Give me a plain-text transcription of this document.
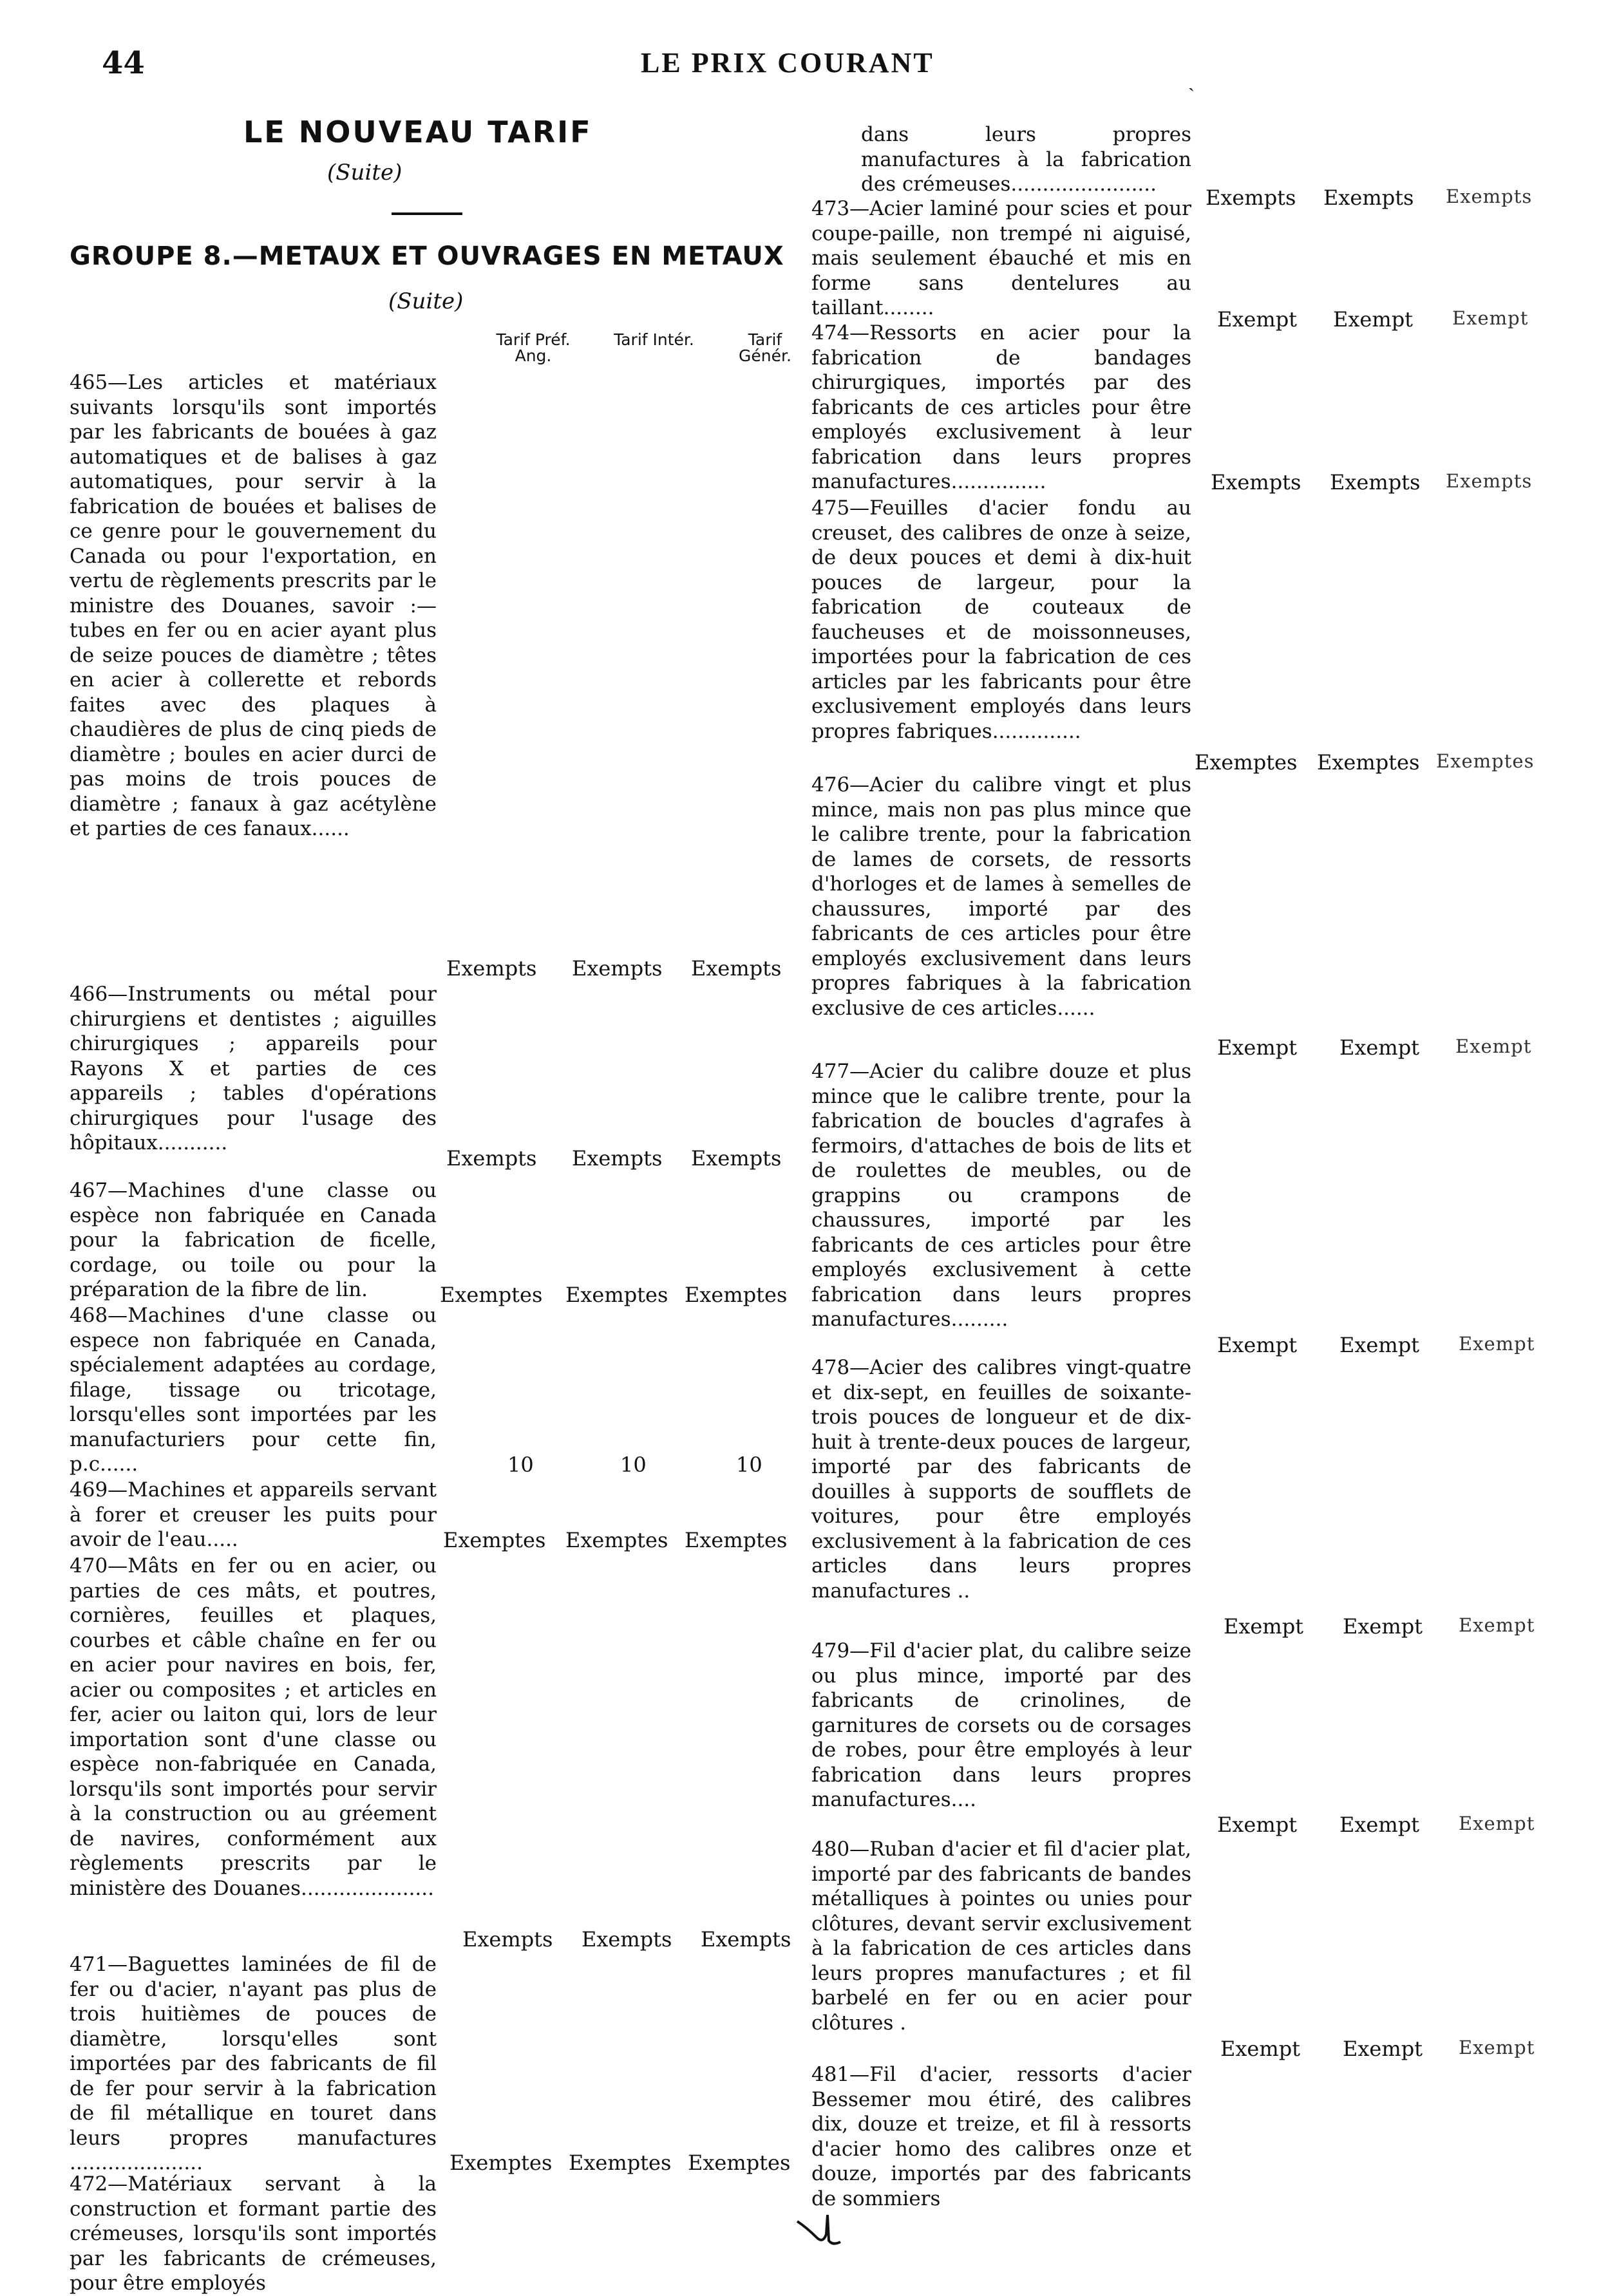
44	LE PRIX COURANT
ˎ
LE NOUVEAU TARIF
(Suite)
GROUPE 8.—METAUX ET OUVRAGES EN METAUX
(Suite)
Tarif Préf. Ang.
Tarif Intér.	Tarif Génér.
465—Les articles et matériaux suivants lorsqu'ils sont importés par les fabricants de bouées à gaz automatiques et de balises à gaz automatiques, pour servir à la fabrication de bouées et balises de ce genre pour le gouvernement du Canada ou pour l'exportation, en vertu de règlements prescrits par le ministre des Douanes, savoir :—tubes en fer ou en acier ayant plus de seize pouces de diamètre ; têtes en acier à collerette et rebords faites avec des plaques à chaudières de plus de cinq pieds de diamètre ; boules en acier durci de pas moins de trois pouces de diamètre ; fanaux à gaz acétylène et parties de ces fanaux......
Exempts Exempts Exempts
466—Instruments ou métal pour chirurgiens et dentistes ; aiguilles chirurgiques ; appareils pour Rayons X et parties de ces appareils ; tables d'opérations chirurgiques pour l'usage des hôpitaux...........
Exempts Exempts Exempts
467—Machines d'une classe ou espèce non fabriquée en Canada pour la fabrication de ficelle, cordage, ou toile ou pour la préparation de la fibre de lin.	Exemptes Exemptes Exemptes
468—Machines d'une classe ou espece non fabriquée en Canada, spécialement adaptées au cordage, filage, tissage ou tricotage, lorsqu'elles sont importées par les manufacturiers pour cette fin, p.c......	10	10	10
469—Machines et appareils servant à forer et creuser les puits pour avoir de l'eau.....	Exemptes Exemptes Exemptes
470—Mâts en fer ou en acier, ou parties de ces mâts, et poutres, cornières, feuilles et plaques, courbes et câble chaîne en fer ou en acier pour navires en bois, fer, acier ou composites ; et articles en fer, acier ou laiton qui, lors de leur importation sont d'une classe ou espèce non-fabriquée en Canada, lorsqu'ils sont importés pour servir à la construction ou au gréement de navires, conformément aux règlements prescrits par le ministère des Douanes.....................
Exempts Exempts Exempts
471—Baguettes laminées de fil de fer ou d'acier, n'ayant pas plus de trois huitièmes de pouces de diamètre, lorsqu'elles sont importées par des fabricants de fil de fer pour servir à la fabrication de fil métallique en touret dans leurs propres manufactures .....................	Exemptes Exemptes Exemptes
472—Matériaux servant à la construction et formant partie des crémeuses, lorsqu'ils sont importés par les fabricants de crémeuses, pour être employés
dans leurs propres manufactures à la fabrication des crémeuses.......................
Exempts Exempts Exempts
473—Acier laminé pour scies et pour coupe-paille, non trempé ni aiguisé, mais seulement ébauché et mis en forme sans dentelures au taillant........	Exempt Exempt Exempt
474—Ressorts en acier pour la fabrication de bandages chirurgiques, importés par des fabricants de ces articles pour être employés exclusivement à leur fabrication dans leurs propres manufactures...............	Exempts Exempts Exempts
475—Feuilles d'acier fondu au creuset, des calibres de onze à seize, de deux pouces et demi à dix-huit pouces de largeur, pour la fabrication de couteaux de faucheuses et de moissonneuses, importées pour la fabrication de ces articles par les fabricants pour être exclusivement employés dans leurs propres fabriques..............
Exemptes Exemptes Exemptes
476—Acier du calibre vingt et plus mince, mais non pas plus mince que le calibre trente, pour la fabrication de lames de corsets, de ressorts d'horloges et de lames à semelles de chaussures, importé par des fabricants de ces articles pour être employés exclusivement dans leurs propres fabriques à la fabrication exclusive de ces articles......
Exempt Exempt Exempt
477—Acier du calibre douze et plus mince que le calibre trente, pour la fabrication de boucles d'agrafes à fermoirs, d'attaches de bois de lits et de roulettes de meubles, ou de grappins ou crampons de chaussures, importé par les fabricants de ces articles pour être employés exclusivement à cette fabrication dans leurs propres manufactures.........
Exempt Exempt Exempt
478—Acier des calibres vingt-quatre et dix-sept, en feuilles de soixante-trois pouces de longueur et de dix-huit à trente-deux pouces de largeur, importé par des fabricants de douilles à supports de soufflets de voitures, pour être employés exclusivement à la fabrication de ces articles dans leurs propres manufactures ..
Exempt Exempt Exempt
479—Fil d'acier plat, du calibre seize ou plus mince, importé par des fabricants de crinolines, de garnitures de corsets ou de corsages de robes, pour être employés à leur fabrication dans leurs propres manufactures....
Exempt Exempt Exempt
480—Ruban d'acier et fil d'acier plat, importé par des fabricants de bandes métalliques à pointes ou unies pour clôtures, devant servir exclusivement à la fabrication de ces articles dans leurs propres manufactures ; et fil barbelé en fer ou en acier pour clôtures .
Exempt Exempt Exempt
481—Fil d'acier, ressorts d'acier Bessemer mou étiré, des calibres dix, douze et treize, et fil à ressorts d'acier homo des calibres onze et douze, importés par des fabricants de sommiers
